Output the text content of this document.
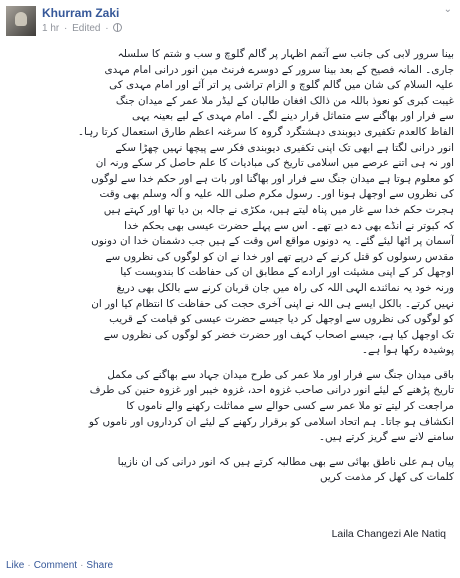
Khurram Zaki
1 hr · Edited ·
⌄
بینا سرور لابی کی جانب سے آتمم اظہار پر گالم گلوچ و سب و شتم کا سلسلہ
جاری۔ المانہ فصیح کے بعد بینا سرور کے دوسرے فرنٹ مین انور درانی امام مہدی
علیہ السلام کی شان میں گالم گلوچ و الزام تراشی پر اتر آئے اور امام مہدی کی
غیبت کبری کو نعوذ باللہ من ذالک افغان طالبان کے لیڈر ملا عمر کے میدان جنگ
سے فرار اور بھاگنے سے متماثل قرار دینے لگے۔ امام مہدی کے لیے بعینہ یہی
الفاظ کالعدم تکفیری دیوبندی دہشتگرد گروہ کا سرغنہ اعظم طارق استعمال کرتا رہا۔
انور درانی لگتا ہے ابھی تک اپنی تکفیری دیوبندی فکر سے پیچھا نہیں چھڑا سکے
اور نہ ہی اتنے عرصے میں اسلامی تاریخ کی مبادیات کا علم حاصل کر سکے ورنہ ان
کو معلوم ہوتا ہے میدان جنگ سے فرار اور بھاگنا اور بات ہے اور حکم خدا سے لوگوں
کی نظروں سے اوجھل ہونا اور۔ رسول مکرم صلی اللہ علیہ و آلہ وسلم بھی وقت
ہجرت حکم خدا سے غار میں پناہ لیتے ہیں، مکڑی نے جالہ بن دیا تھا اور کہتے ہیں
کہ کبوتر نے انڈے بھی دے دیے تھے۔ اس سے پہلے حضرت عیسی بھی بحکم خدا
آسمان پر اٹھا لیئے گئے۔ یہ دونوں مواقع اس وقت کے ہیں جب دشمنان خدا ان دونوں
مقدس رسولوں کو قتل کرنے کے درپے تھے اور خدا نے ان کو لوگوں کی نظروں سے
اوجھل کر کے اپنی مشیئت اور ارادے کے مطابق ان کی حفاظت کا بندوبست کیا
ورنہ خود یہ نمائندے الہی اللہ کی راہ میں جان قربان کرنے سے بالکل بھی دریغ
نہیں کرتے۔ بالکل ایسے ہی اللہ نے اپنی آخری حجت کی حفاظت کا انتظام کیا اور ان
کو لوگوں کی نظروں سے اوجھل کر دیا جیسے حضرت عیسی کو قیامت کے قریب
تک اوجھل کیا ہے، جیسے اصحاب کہف اور حضرت خضر کو لوگوں کی نظروں سے
پوشیدہ رکھا ہوا ہے۔
باقی میدان جنگ سے فرار اور ملا عمر کی طرح میدان جہاد سے بھاگنے کی مکمل
تاریخ پڑھنے کے لیئے انور درانی صاحب غزوہ احد، غزوہ خیبر اور غزوہ حنین کی طرف
مراجعت کر لیتے تو ملا عمر سے کسی حوالے سے مماثلت رکھنے والے ناموں کا
انکشاف ہو جاتا۔ ہم اتحاد اسلامی کو برقرار رکھنے کے لیئے ان کرداروں اور ناموں کو
سامنے لانے سے گریز کرتے ہیں۔
پیاں ہم علی ناطق بھائی سے بھی مطالبہ کرتے ہیں کہ انور درانی کی ان نازیبا
کلمات کی کھل کر مذمت کریں
Laila Changezi Ale Natiq
Like · Comment · Share
